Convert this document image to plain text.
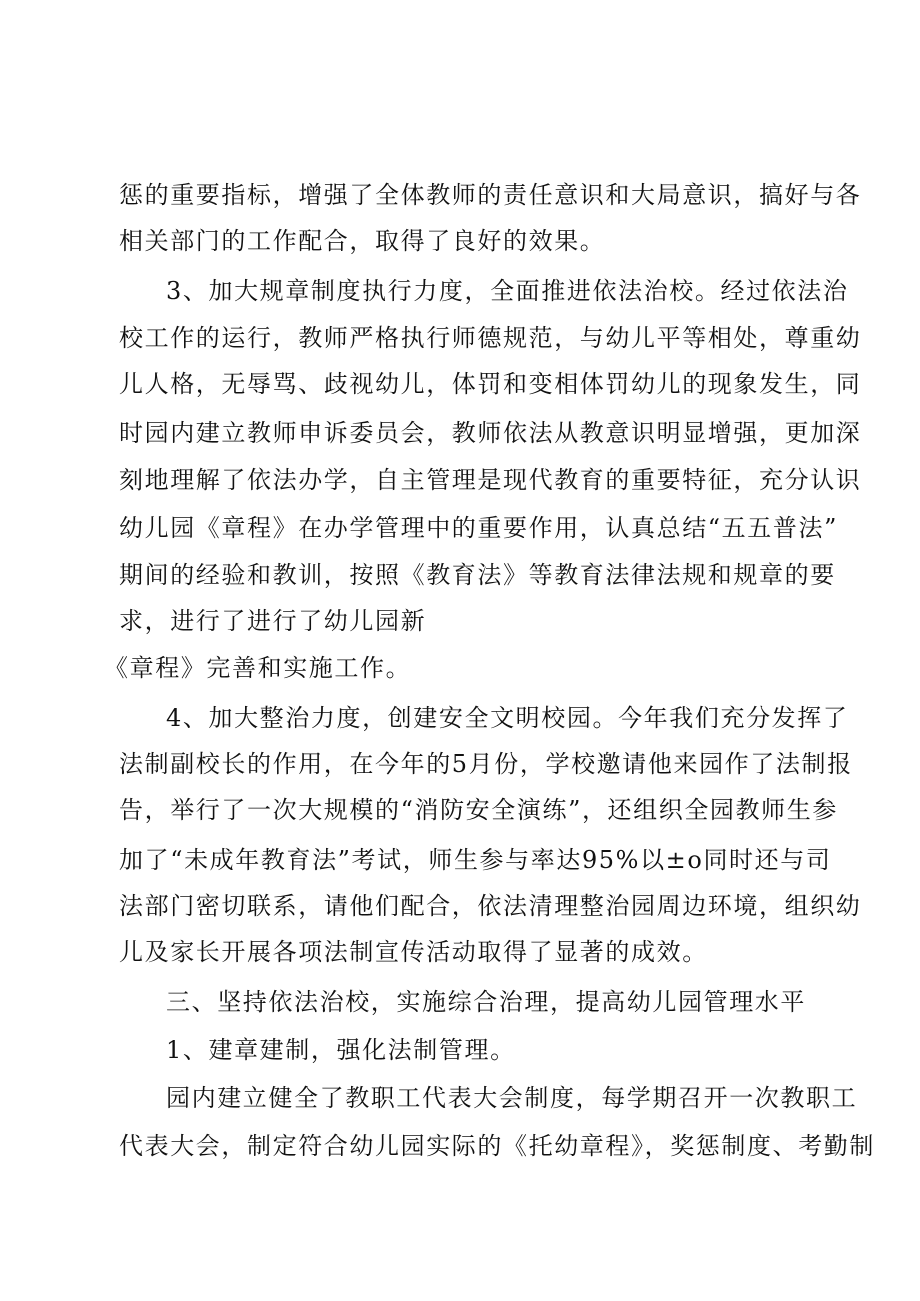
惩的重要指标，增强了全体教师的责任意识和大局意识，搞好与各
相关部门的工作配合，取得了良好的效果。
3、加大规章制度执行力度，全面推进依法治校。经过依法治
校工作的运行，教师严格执行师德规范，与幼儿平等相处，尊重幼
儿人格，无辱骂、歧视幼儿，体罚和变相体罚幼儿的现象发生，同
时园内建立教师申诉委员会，教师依法从教意识明显增强，更加深
刻地理解了依法办学，自主管理是现代教育的重要特征，充分认识
幼儿园《章程》在办学管理中的重要作用，认真总结“五五普法”
期间的经验和教训，按照《教育法》等教育法律法规和规章的要
求，进行了进行了幼儿园新
《章程》完善和实施工作。
4、加大整治力度，创建安全文明校园。今年我们充分发挥了
法制副校长的作用，在今年的5月份，学校邀请他来园作了法制报
告，举行了一次大规模的“消防安全演练”，还组织全园教师生参
加了“未成年教育法”考试，师生参与率达95%以±o同时还与司
法部门密切联系，请他们配合，依法清理整治园周边环境，组织幼
儿及家长开展各项法制宣传活动取得了显著的成效。
三、坚持依法治校，实施综合治理，提高幼儿园管理水平
1、建章建制，强化法制管理。
园内建立健全了教职工代表大会制度，每学期召开一次教职工
代表大会，制定符合幼儿园实际的《托幼章程》，奖惩制度、考勤制
